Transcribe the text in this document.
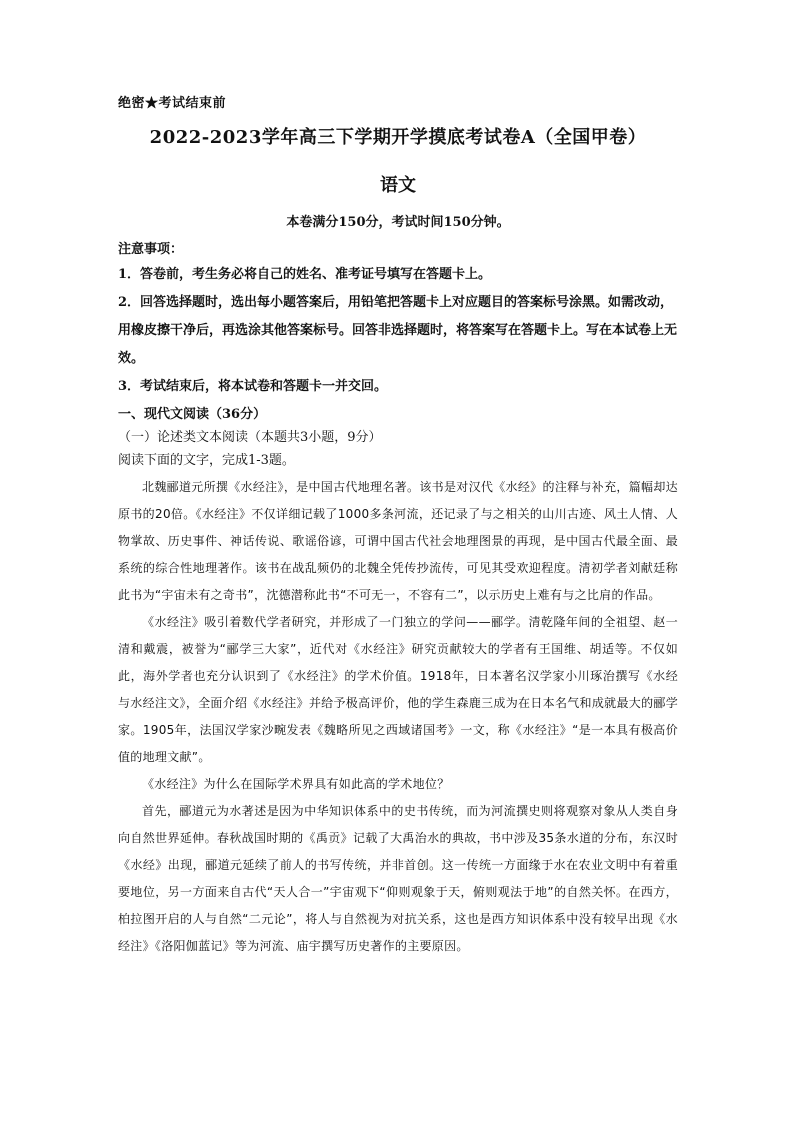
绝密★考试结束前
2022-2023学年高三下学期开学摸底考试卷A（全国甲卷）
语文
本卷满分150分，考试时间150分钟。
注意事项：

1．答卷前，考生务必将自己的姓名、准考证号填写在答题卡上。

2．回答选择题时，选出每小题答案后，用铅笔把答题卡上对应题目的答案标号涂黑。如需改动，用橡皮擦干净后，再选涂其他答案标号。回答非选择题时，将答案写在答题卡上。写在本试卷上无效。

3．考试结束后，将本试卷和答题卡一并交回。

一、现代文阅读（36分）
（一）论述类文本阅读（本题共3小题，9分）
阅读下面的文字，完成1-3题。

北魏郦道元所撰《水经注》，是中国古代地理名著。该书是对汉代《水经》的注释与补充，篇幅却达原书的20倍。《水经注》不仅详细记载了1000多条河流，还记录了与之相关的山川古迹、风土人情、人物掌故、历史事件、神话传说、歌谣俗谚，可谓中国古代社会地理图景的再现，是中国古代最全面、最系统的综合性地理著作。该书在战乱频仍的北魏全凭传抄流传，可见其受欢迎程度。清初学者刘献廷称此书为“宇宙未有之奇书”，沈德潜称此书“不可无一，不容有二”，以示历史上难有与之比肩的作品。

《水经注》吸引着数代学者研究，并形成了一门独立的学问——郦学。清乾隆年间的全祖望、赵一清和戴震，被誉为“郦学三大家”，近代对《水经注》研究贡献较大的学者有王国维、胡适等。不仅如此，海外学者也充分认识到了《水经注》的学术价值。1918年，日本著名汉学家小川琢治撰写《水经与水经注文》，全面介绍《水经注》并给予极高评价，他的学生森鹿三成为在日本名气和成就最大的郦学家。1905年，法国汉学家沙畹发表《魏略所见之西域诸国考》一文，称《水经注》“是一本具有极高价值的地理文献”。

《水经注》为什么在国际学术界具有如此高的学术地位？

首先，郦道元为水著述是因为中华知识体系中的史书传统，而为河流撰史则将观察对象从人类自身向自然世界延伸。春秋战国时期的《禹贡》记载了大禹治水的典故，书中涉及35条水道的分布，东汉时《水经》出现，郦道元延续了前人的书写传统，并非首创。这一传统一方面缘于水在农业文明中有着重要地位，另一方面来自古代“天人合一”宇宙观下“仰则观象于天，俯则观法于地”的自然关怀。在西方，柏拉图开启的人与自然“二元论”，将人与自然视为对抗关系，这也是西方知识体系中没有较早出现《水经注》《洛阳伽蓝记》等为河流、庙宇撰写历史著作的主要原因。
